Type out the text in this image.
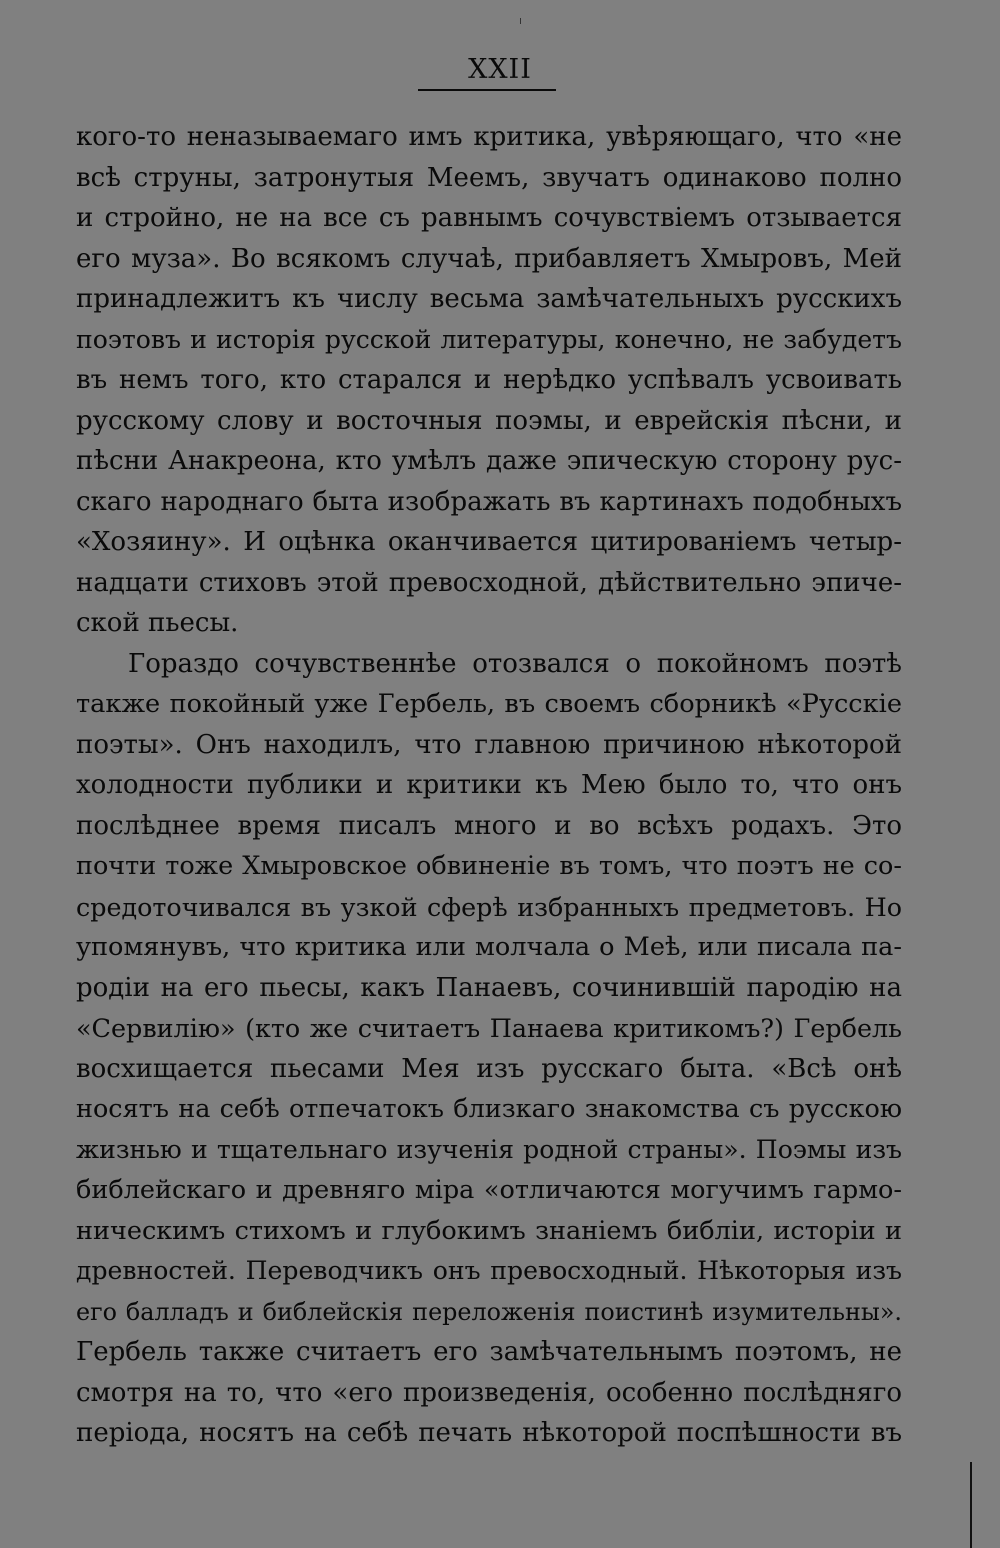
XXII
кого-то неназываемаго имъ критика, увѣряющаго, что «не
всѣ струны, затронутыя Меемъ, звучатъ одинаково полно
и стройно, не на все съ равнымъ сочувствіемъ отзывается
его муза». Во всякомъ случаѣ, прибавляетъ Хмыровъ, Мей
принадлежитъ къ числу весьма замѣчательныхъ русскихъ
поэтовъ и исторія русской литературы, конечно, не забудетъ
въ немъ того, кто старался и нерѣдко успѣвалъ усвоивать
русскому слову и восточныя поэмы, и еврейскія пѣсни, и
пѣсни Анакреона, кто умѣлъ даже эпическую сторону рус-
скаго народнаго быта изображать въ картинахъ подобныхъ
«Хозяину». И оцѣнка оканчивается цитированіемъ четыр-
надцати стиховъ этой превосходной, дѣйствительно эпиче-
ской пьесы.
Гораздо сочувственнѣе отозвался о покойномъ поэтѣ
также покойный уже Гербель, въ своемъ сборникѣ «Русскіе
поэты». Онъ находилъ, что главною причиною нѣкоторой
холодности публики и критики къ Мею было то, что онъ
послѣднее время писалъ много и во всѣхъ родахъ. Это
почти тоже Хмыровское обвиненіе въ томъ, что поэтъ не со-
средоточивался въ узкой сферѣ избранныхъ предметовъ. Но
упомянувъ, что критика или молчала о Меѣ, или писала па-
родіи на его пьесы, какъ Панаевъ, сочинившій пародію на
«Сервилію» (кто же считаетъ Панаева критикомъ?) Гербель
восхищается пьесами Мея изъ русскаго быта. «Всѣ онѣ
носятъ на себѣ отпечатокъ близкаго знакомства съ русскою
жизнью и тщательнаго изученія родной страны». Поэмы изъ
библейскаго и древняго міра «отличаются могучимъ гармо-
ническимъ стихомъ и глубокимъ знаніемъ библіи, исторіи и
древностей. Переводчикъ онъ превосходный. Нѣкоторыя изъ
его балладъ и библейскія переложенія поистинѣ изумительны».
Гербель также считаетъ его замѣчательнымъ поэтомъ, не
смотря на то, что «его произведенія, особенно послѣдняго
періода, носятъ на себѣ печать нѣкоторой поспѣшности въ
